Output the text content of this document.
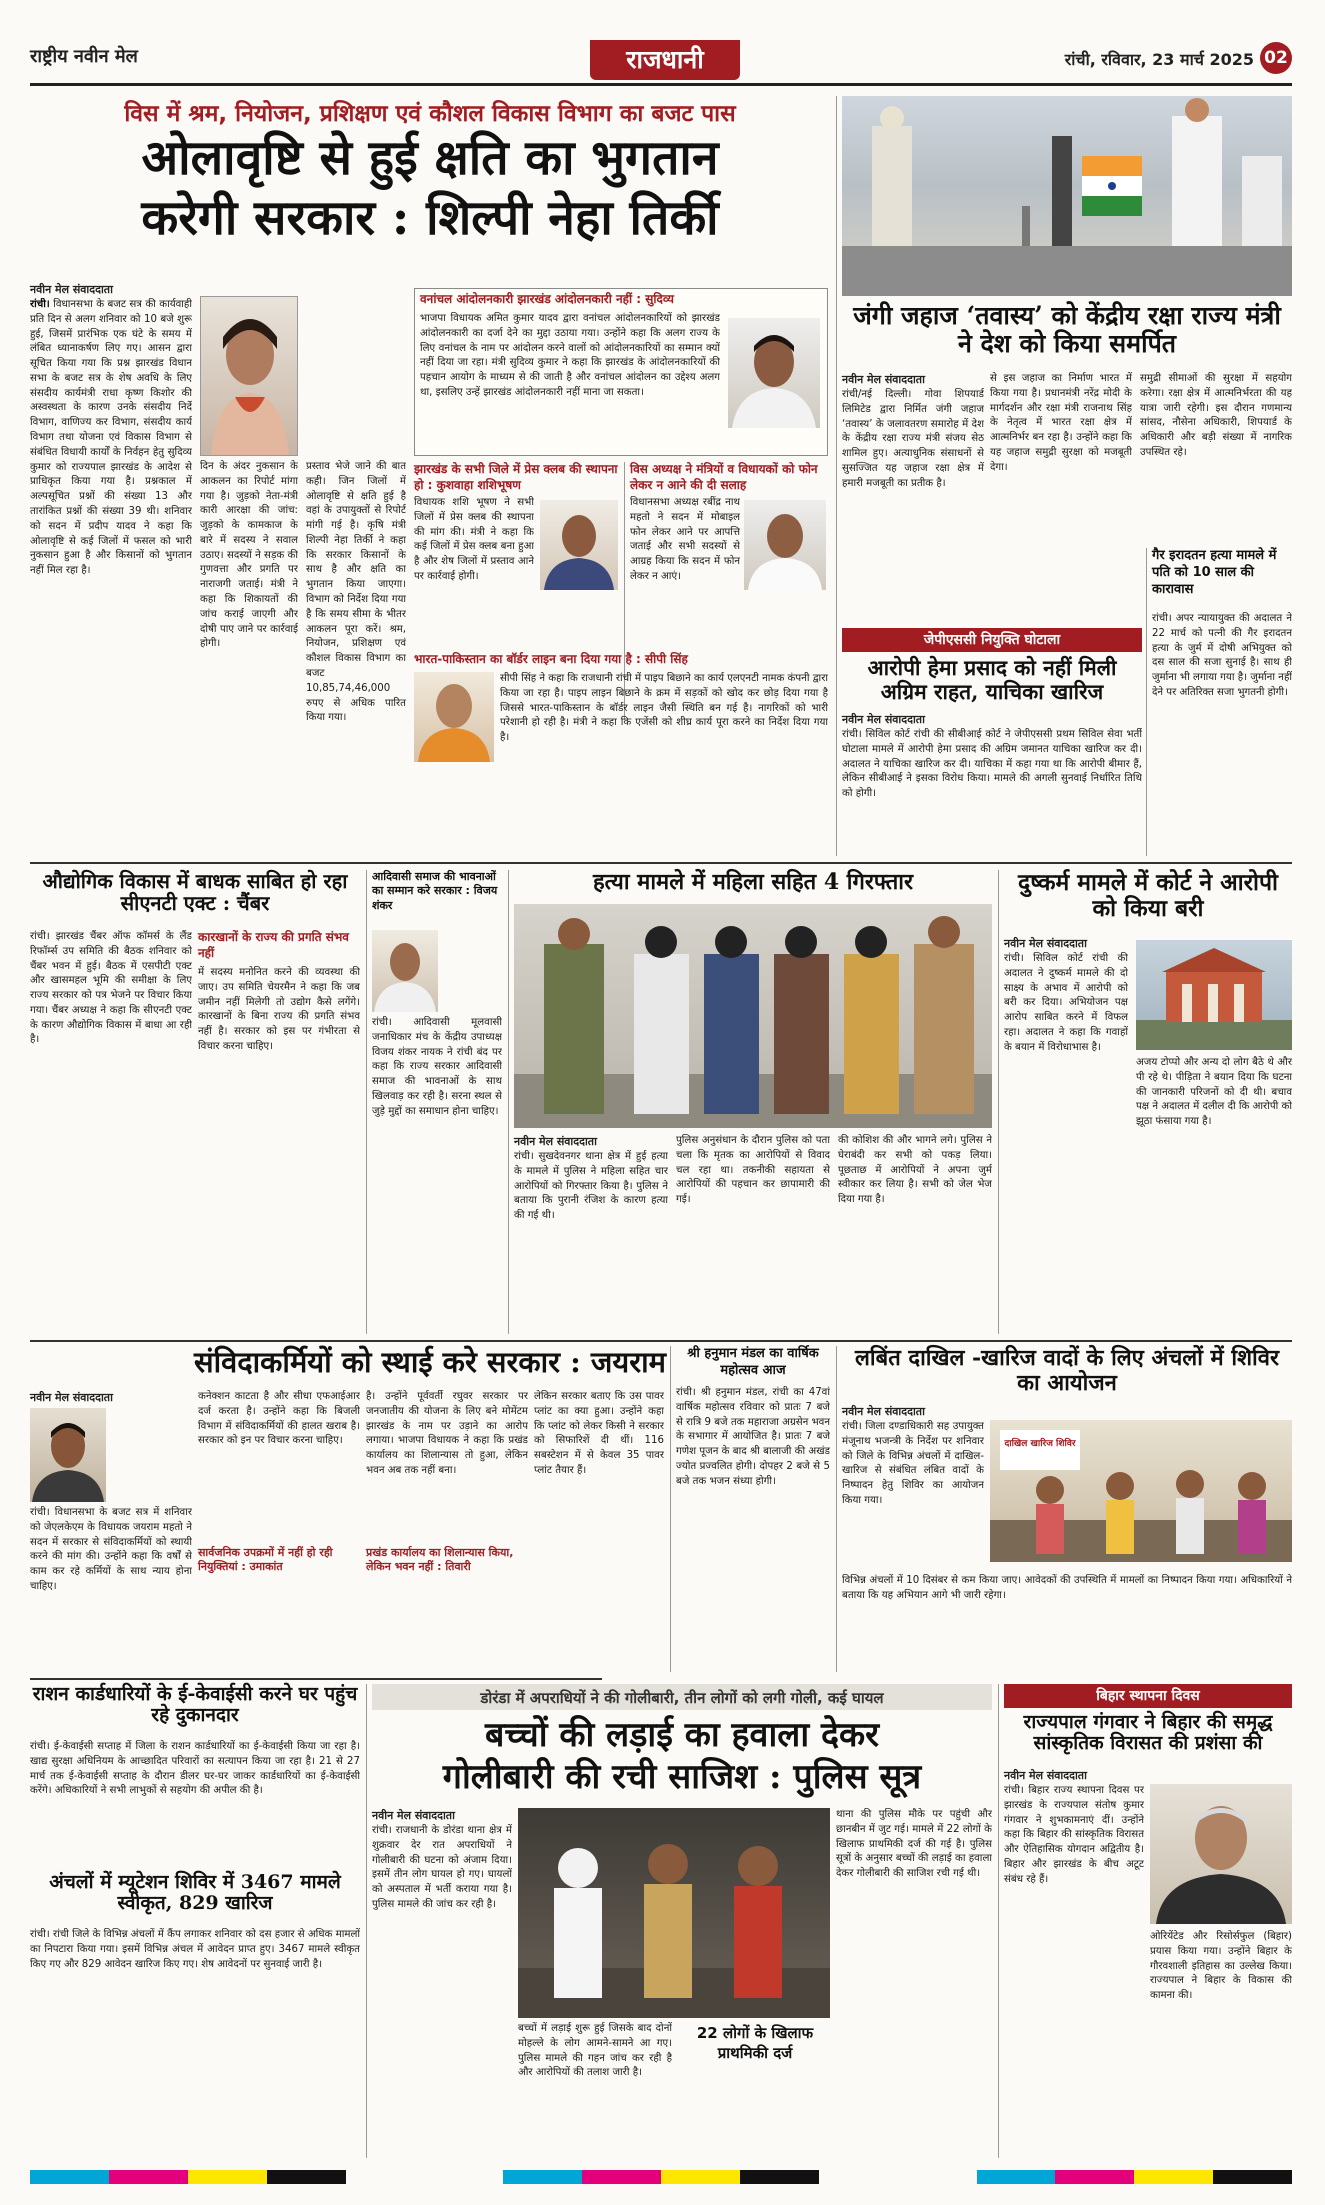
राष्ट्रीय नवीन मेल	राजधानी	रांची, रविवार, 23 मार्च 2025 02
विस में श्रम, नियोजन, प्रशिक्षण एवं कौशल विकास विभाग का बजट पास
ओलावृष्टि से हुई क्षति का भुगतान
करेगी सरकार : शिल्पी नेहा तिर्की
नवीन मेल संवाददाता
रांची। विधानसभा के बजट सत्र की कार्यवाही प्रति दिन से अलग शनिवार को 10 बजे शुरू हुई, जिसमें प्रारंभिक एक घंटे के समय में लंबित ध्यानाकर्षण लिए गए। आसन द्वारा सूचित किया गया कि प्रश्न झारखंड विधान सभा के बजट सत्र के शेष अवधि के लिए संसदीय कार्यमंत्री राधा कृष्ण किशोर की अस्वस्थता के कारण उनके संसदीय निर्दे विभाग, वाणिज्य कर विभाग, संसदीय कार्य विभाग तथा योजना एवं विकास विभाग से संबंधित विधायी कार्यों के निर्वहन हेतु सुदिव्य कुमार को राज्यपाल झारखंड के आदेश से प्राधिकृत किया गया है। प्रश्नकाल में अल्पसूचित प्रश्नों की संख्या 13 और तारांकित प्रश्नों की संख्या 39 थी। शनिवार को सदन में प्रदीप यादव ने कहा कि ओलावृष्टि से कई जिलों में फसल को भारी नुकसान हुआ है और किसानों को भुगतान नहीं मिल रहा है।
दिन के अंदर नुकसान के आकलन का रिपोर्ट मांगा गया है। जुड़को नेता-मंत्री कारी आरक्षा की जांच: जुड़को के कामकाज के बारे में सदस्य ने सवाल उठाए। सदस्यों ने सड़क की गुणवत्ता और प्रगति पर नाराजगी जताई। मंत्री ने कहा कि शिकायतों की जांच कराई जाएगी और दोषी पाए जाने पर कार्रवाई होगी।
प्रस्ताव भेजे जाने की बात कही। जिन जिलों में ओलावृष्टि से क्षति हुई है वहां के उपायुक्तों से रिपोर्ट मांगी गई है। कृषि मंत्री शिल्पी नेहा तिर्की ने कहा कि सरकार किसानों के साथ है और क्षति का भुगतान किया जाएगा। विभाग को निर्देश दिया गया है कि समय सीमा के भीतर आकलन पूरा करें। श्रम, नियोजन, प्रशिक्षण एवं कौशल विकास विभाग का बजट 10,85,74,46,000 रुपए से अधिक पारित किया गया।
वनांचल आंदोलनकारी झारखंड आंदोलनकारी नहीं : सुदिव्य
भाजपा विधायक अमित कुमार यादव द्वारा वनांचल आंदोलनकारियों को झारखंड आंदोलनकारी का दर्जा देने का मुद्दा उठाया गया। उन्होंने कहा कि अलग राज्य के लिए वनांचल के नाम पर आंदोलन करने वालों को आंदोलनकारियों का सम्मान क्यों नहीं दिया जा रहा। मंत्री सुदिव्य कुमार ने कहा कि झारखंड के आंदोलनकारियों की पहचान आयोग के माध्यम से की जाती है और वनांचल आंदोलन का उद्देश्य अलग था, इसलिए उन्हें झारखंड आंदोलनकारी नहीं माना जा सकता।
झारखंड के सभी जिले में प्रेस क्लब की स्थापना हो : कुशवाहा शशिभूषण
विधायक शशि भूषण ने सभी जिलों में प्रेस क्लब की स्थापना की मांग की। मंत्री ने कहा कि कई जिलों में प्रेस क्लब बना हुआ है और शेष जिलों में प्रस्ताव आने पर कार्रवाई होगी।
विस अध्यक्ष ने मंत्रियों व विधायकों को फोन लेकर न आने की दी सलाह
विधानसभा अध्यक्ष रबींद्र नाथ महतो ने सदन में मोबाइल फोन लेकर आने पर आपत्ति जताई और सभी सदस्यों से आग्रह किया कि सदन में फोन लेकर न आएं।
भारत-पाकिस्तान का बॉर्डर लाइन बना दिया गया है : सीपी सिंह
सीपी सिंह ने कहा कि राजधानी रांची में पाइप बिछाने का कार्य एलएनटी नामक कंपनी द्वारा किया जा रहा है। पाइप लाइन बिछाने के क्रम में सड़कों को खोद कर छोड़ दिया गया है जिससे भारत-पाकिस्तान के बॉर्डर लाइन जैसी स्थिति बन गई है। नागरिकों को भारी परेशानी हो रही है। मंत्री ने कहा कि एजेंसी को शीघ्र कार्य पूरा करने का निर्देश दिया गया है।
जंगी जहाज ‘तवास्य’ को केंद्रीय रक्षा राज्य मंत्री ने देश को किया समर्पित
नवीन मेल संवाददाता
रांची/नई दिल्ली। गोवा शिपयार्ड लिमिटेड द्वारा निर्मित जंगी जहाज ‘तवास्य’ के जलावतरण समारोह में देश के केंद्रीय रक्षा राज्य मंत्री संजय सेठ शामिल हुए। अत्याधुनिक संसाधनों से सुसज्जित यह जहाज रक्षा क्षेत्र में हमारी मजबूती का प्रतीक है।
से इस जहाज का निर्माण भारत में किया गया है। प्रधानमंत्री नरेंद्र मोदी के मार्गदर्शन और रक्षा मंत्री राजनाथ सिंह के नेतृत्व में भारत रक्षा क्षेत्र में आत्मनिर्भर बन रहा है। उन्होंने कहा कि यह जहाज समुद्री सुरक्षा को मजबूती देगा।
समुद्री सीमाओं की सुरक्षा में सहयोग करेगा। रक्षा क्षेत्र में आत्मनिर्भरता की यह यात्रा जारी रहेगी। इस दौरान गणमान्य सांसद, नौसेना अधिकारी, शिपयार्ड के अधिकारी और बड़ी संख्या में नागरिक उपस्थित रहे।
जेपीएससी नियुक्ति घोटाला
आरोपी हेमा प्रसाद को नहीं मिली अग्रिम राहत, याचिका खारिज
नवीन मेल संवाददाता
रांची। सिविल कोर्ट रांची की सीबीआई कोर्ट ने जेपीएससी प्रथम सिविल सेवा भर्ती घोटाला मामले में आरोपी हेमा प्रसाद की अग्रिम जमानत याचिका खारिज कर दी। अदालत ने याचिका खारिज कर दी। याचिका में कहा गया था कि आरोपी बीमार हैं, लेकिन सीबीआई ने इसका विरोध किया। मामले की अगली सुनवाई निर्धारित तिथि को होगी।
गैर इरादतन हत्या मामले में पति को 10 साल की कारावास
रांची। अपर न्यायायुक्त की अदालत ने 22 मार्च को पत्नी की गैर इरादतन हत्या के जुर्म में दोषी अभियुक्त को दस साल की सजा सुनाई है। साथ ही जुर्माना भी लगाया गया है। जुर्माना नहीं देने पर अतिरिक्त सजा भुगतनी होगी।
औद्योगिक विकास में बाधक साबित हो रहा सीएनटी एक्ट : चैंबर
रांची। झारखंड चैंबर ऑफ कॉमर्स के लैंड रिफॉर्म्स उप समिति की बैठक शनिवार को चैंबर भवन में हुई। बैठक में एसपीटी एक्ट और खासमहल भूमि की समीक्षा के लिए राज्य सरकार को पत्र भेजने पर विचार किया गया। चैंबर अध्यक्ष ने कहा कि सीएनटी एक्ट के कारण औद्योगिक विकास में बाधा आ रही है।
कारखानों के राज्य की प्रगति संभव नहीं
में सदस्य मनोनित करने की व्यवस्था की जाए। उप समिति चेयरमैन ने कहा कि जब जमीन नहीं मिलेगी तो उद्योग कैसे लगेंगे। कारखानों के बिना राज्य की प्रगति संभव नहीं है। सरकार को इस पर गंभीरता से विचार करना चाहिए।
आदिवासी समाज की भावनाओं का सम्मान करे सरकार : विजय शंकर
रांची। आदिवासी मूलवासी जनाधिकार मंच के केंद्रीय उपाध्यक्ष विजय शंकर नायक ने रांची बंद पर कहा कि राज्य सरकार आदिवासी समाज की भावनाओं के साथ खिलवाड़ कर रही है। सरना स्थल से जुड़े मुद्दों का समाधान होना चाहिए।
हत्या मामले में महिला सहित 4 गिरफ्तार
नवीन मेल संवाददाता
रांची। सुखदेवनगर थाना क्षेत्र में हुई हत्या के मामले में पुलिस ने महिला सहित चार आरोपियों को गिरफ्तार किया है। पुलिस ने बताया कि पुरानी रंजिश के कारण हत्या की गई थी।
पुलिस अनुसंधान के दौरान पुलिस को पता चला कि मृतक का आरोपियों से विवाद चल रहा था। तकनीकी सहायता से आरोपियों की पहचान कर छापामारी की गई।
की कोशिश की और भागने लगे। पुलिस ने घेराबंदी कर सभी को पकड़ लिया। पूछताछ में आरोपियों ने अपना जुर्म स्वीकार कर लिया है। सभी को जेल भेज दिया गया है।
दुष्कर्म मामले में कोर्ट ने आरोपी को किया बरी
नवीन मेल संवाददाता
रांची। सिविल कोर्ट रांची की अदालत ने दुष्कर्म मामले की दो साक्ष्य के अभाव में आरोपी को बरी कर दिया। अभियोजन पक्ष आरोप साबित करने में विफल रहा। अदालत ने कहा कि गवाहों के बयान में विरोधाभास है।
अजय टोप्पो और अन्य दो लोग बैठे थे और पी रहे थे। पीड़िता ने बयान दिया कि घटना की जानकारी परिजनों को दी थी। बचाव पक्ष ने अदालत में दलील दी कि आरोपी को झूठा फंसाया गया है।
संविदाकर्मियों को स्थाई करे सरकार : जयराम
नवीन मेल संवाददाता
रांची। विधानसभा के बजट सत्र में शनिवार को जेएलकेएम के विधायक जयराम महतो ने सदन में सरकार से संविदाकर्मियों को स्थायी करने की मांग की। उन्होंने कहा कि वर्षों से काम कर रहे कर्मियों के साथ न्याय होना चाहिए।
कनेक्शन काटता है और सीधा एफआईआर दर्ज करता है। उन्होंने कहा कि बिजली विभाग में संविदाकर्मियों की हालत खराब है। सरकार को इन पर विचार करना चाहिए।
सार्वजनिक उपक्रमों में नहीं हो रही नियुक्तियां : उमाकांत
है। उन्होंने पूर्ववर्ती रघुवर सरकार पर जनजातीय की योजना के लिए बने मोमेंटम झारखंड के नाम पर उड़ाने का आरोप लगाया। भाजपा विधायक ने कहा कि प्रखंड कार्यालय का शिलान्यास तो हुआ, लेकिन भवन अब तक नहीं बना।
प्रखंड कार्यालय का शिलान्यास किया, लेकिन भवन नहीं : तिवारी
लेकिन सरकार बताए कि उस पावर प्लांट का क्या हुआ। उन्होंने कहा कि प्लांट को लेकर किसी ने सरकार को सिफारिशें दी थीं। 116 सबस्टेशन में से केवल 35 पावर प्लांट तैयार हैं।
श्री हनुमान मंडल का वार्षिक महोत्सव आज
रांची। श्री हनुमान मंडल, रांची का 47वां वार्षिक महोत्सव रविवार को प्रातः 7 बजे से रात्रि 9 बजे तक महाराजा अग्रसेन भवन के सभागार में आयोजित है। प्रातः 7 बजे गणेश पूजन के बाद श्री बालाजी की अखंड ज्योत प्रज्वलित होगी। दोपहर 2 बजे से 5 बजे तक भजन संध्या होगी।
लबिंत दाखिल -खारिज वादों के लिए अंचलों में शिविर का आयोजन
नवीन मेल संवाददाता
रांची। जिला दण्डाधिकारी सह उपायुक्त मंजूनाथ भजन्त्री के निर्देश पर शनिवार को जिले के विभिन्न अंचलों में दाखिल-खारिज से संबंधित लंबित वादों के निष्पादन हेतु शिविर का आयोजन किया गया।
दाखिल खारिज शिविर
विभिन्न अंचलों में 10 दिसंबर से कम किया जाए। आवेदकों की उपस्थिति में मामलों का निष्पादन किया गया। अधिकारियों ने बताया कि यह अभियान आगे भी जारी रहेगा।
राशन कार्डधारियों के ई-केवाईसी करने घर पहुंच रहे दुकानदार
रांची। ई-केवाईसी सप्ताह में जिला के राशन कार्डधारियों का ई-केवाईसी किया जा रहा है। खाद्य सुरक्षा अधिनियम के आच्छादित परिवारों का सत्यापन किया जा रहा है। 21 से 27 मार्च तक ई-केवाईसी सप्ताह के दौरान डीलर घर-घर जाकर कार्डधारियों का ई-केवाईसी करेंगे। अधिकारियों ने सभी लाभुकों से सहयोग की अपील की है।
अंचलों में म्यूटेशन शिविर में 3467 मामले स्वीकृत, 829 खारिज
रांची। रांची जिले के विभिन्न अंचलों में कैंप लगाकर शनिवार को दस हजार से अधिक मामलों का निपटारा किया गया। इसमें विभिन्न अंचल में आवेदन प्राप्त हुए। 3467 मामले स्वीकृत किए गए और 829 आवेदन खारिज किए गए। शेष आवेदनों पर सुनवाई जारी है।
डोरंडा में अपराधियों ने की गोलीबारी, तीन लोगों को लगी गोली, कई घायल
बच्चों की लड़ाई का हवाला देकर
गोलीबारी की रची साजिश : पुलिस सूत्र
नवीन मेल संवाददाता
रांची। राजधानी के डोरंडा थाना क्षेत्र में शुक्रवार देर रात अपराधियों ने गोलीबारी की घटना को अंजाम दिया। इसमें तीन लोग घायल हो गए। घायलों को अस्पताल में भर्ती कराया गया है। पुलिस मामले की जांच कर रही है।
बच्चों में लड़ाई शुरू हुई जिसके बाद दोनों मोहल्ले के लोग आमने-सामने आ गए। पुलिस मामले की गहन जांच कर रही है और आरोपियों की तलाश जारी है।
22 लोगों के खिलाफ प्राथमिकी दर्ज
थाना की पुलिस मौके पर पहुंची और छानबीन में जुट गई। मामले में 22 लोगों के खिलाफ प्राथमिकी दर्ज की गई है। पुलिस सूत्रों के अनुसार बच्चों की लड़ाई का हवाला देकर गोलीबारी की साजिश रची गई थी।
बिहार स्थापना दिवस
राज्यपाल गंगवार ने बिहार की समृद्ध सांस्कृतिक विरासत की प्रशंसा की
नवीन मेल संवाददाता
रांची। बिहार राज्य स्थापना दिवस पर झारखंड के राज्यपाल संतोष कुमार गंगवार ने शुभकामनाएं दीं। उन्होंने कहा कि बिहार की सांस्कृतिक विरासत और ऐतिहासिक योगदान अद्वितीय है। बिहार और झारखंड के बीच अटूट संबंध रहे हैं।
ओरियेंटेड और रिसोर्सफुल (बिहार) प्रयास किया गया। उन्होंने बिहार के गौरवशाली इतिहास का उल्लेख किया। राज्यपाल ने बिहार के विकास की कामना की।
